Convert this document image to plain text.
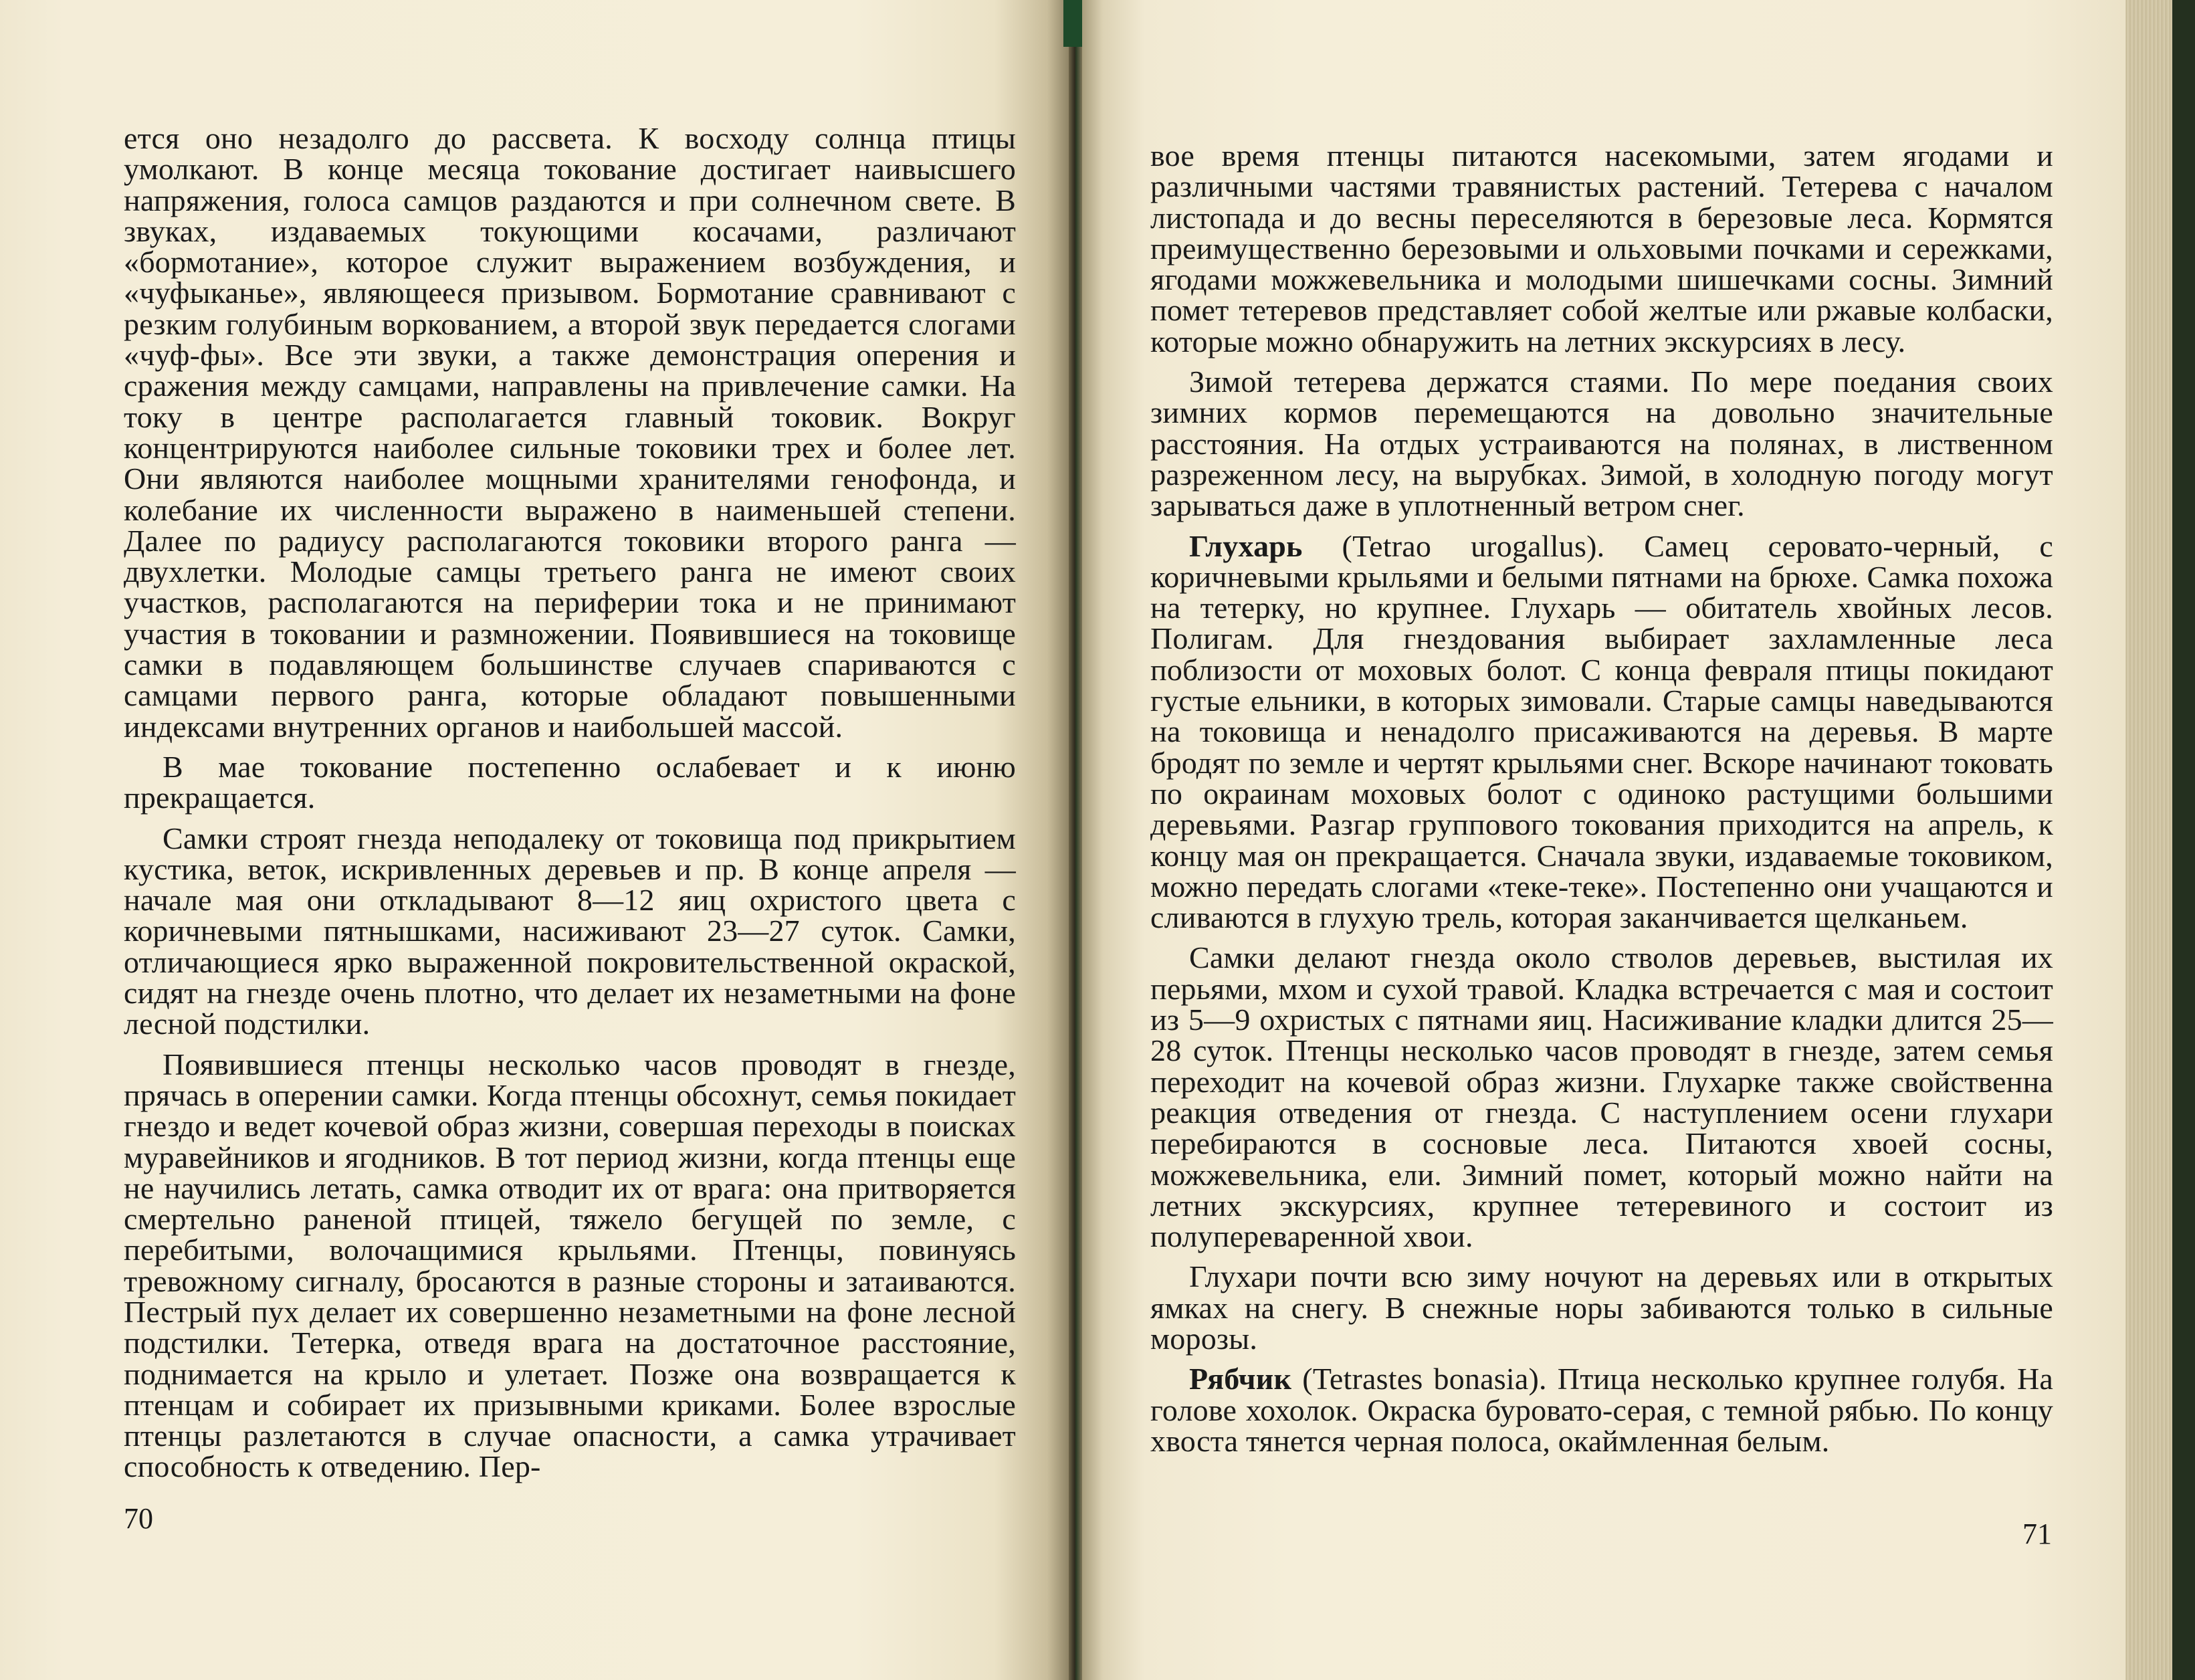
ется оно незадолго до рассвета. К восходу солнца птицы умолкают. В конце месяца токование достигает наивысшего напряжения, голоса самцов раздаются и при солнечном свете. В звуках, издаваемых токующими косачами, различают «бормотание», которое служит выражением возбуждения, и «чуфыканье», являющееся призывом. Бормотание сравнивают с резким голубиным воркованием, а второй звук передается слогами «чуф-фы». Все эти звуки, а также демонстрация оперения и сражения между самцами, направлены на привлечение самки. На току в центре располагается главный токовик. Вокруг концентрируются наиболее сильные токовики трех и более лет. Они являются наиболее мощными хранителями генофонда, и колебание их численности выражено в наименьшей степени. Далее по радиусу располагаются токовики второго ранга — двухлетки. Молодые самцы третьего ранга не имеют своих участков, располагаются на периферии тока и не принимают участия в токовании и размножении. Появившиеся на токовище самки в подавляющем большинстве случаев спариваются с самцами первого ранга, которые обладают повышенными индексами внутренних органов и наибольшей массой.

В мае токование постепенно ослабевает и к июню прекращается.

Самки строят гнезда неподалеку от токовища под прикрытием кустика, веток, искривленных деревьев и пр. В конце апреля — начале мая они откладывают 8—12 яиц охристого цвета с коричневыми пятнышками, насиживают 23—27 суток. Самки, отличающиеся ярко выраженной покровительственной окраской, сидят на гнезде очень плотно, что делает их незаметными на фоне лесной подстилки.

Появившиеся птенцы несколько часов проводят в гнезде, прячась в оперении самки. Когда птенцы обсохнут, семья покидает гнездо и ведет кочевой образ жизни, совершая переходы в поисках муравейников и ягодников. В тот период жизни, когда птенцы еще не научились летать, самка отводит их от врага: она притворяется смертельно раненой птицей, тяжело бегущей по земле, с перебитыми, волочащимися крыльями. Птенцы, повинуясь тревожному сигналу, бросаются в разные стороны и затаиваются. Пестрый пух делает их совершенно незаметными на фоне лесной подстилки. Тетерка, отведя врага на достаточное расстояние, поднимается на крыло и улетает. Позже она возвращается к птенцам и собирает их призывными криками. Более взрослые птенцы разлетаются в случае опасности, а самка утрачивает способность к отведению. Пер-

70

вое время птенцы питаются насекомыми, затем ягодами и различными частями травянистых растений. Тетерева с началом листопада и до весны переселяются в березовые леса. Кормятся преимущественно березовыми и ольховыми почками и сережками, ягодами можжевельника и молодыми шишечками сосны. Зимний помет тетеревов представляет собой желтые или ржавые колбаски, которые можно обнаружить на летних экскурсиях в лесу.

Зимой тетерева держатся стаями. По мере поедания своих зимних кормов перемещаются на довольно значительные расстояния. На отдых устраиваются на полянах, в лиственном разреженном лесу, на вырубках. Зимой, в холодную погоду могут зарываться даже в уплотненный ветром снег.

Глухарь (Tetrao urogallus). Самец серовато-черный, с коричневыми крыльями и белыми пятнами на брюхе. Самка похожа на тетерку, но крупнее. Глухарь — обитатель хвойных лесов. Полигам. Для гнездования выбирает захламленные леса поблизости от моховых болот. С конца февраля птицы покидают густые ельники, в которых зимовали. Старые самцы наведываются на токовища и ненадолго присаживаются на деревья. В марте бродят по земле и чертят крыльями снег. Вскоре начинают токовать по окраинам моховых болот с одиноко растущими большими деревьями. Разгар группового токования приходится на апрель, к концу мая он прекращается. Сначала звуки, издаваемые токовиком, можно передать слогами «теке-теке». Постепенно они учащаются и сливаются в глухую трель, которая заканчивается щелканьем.

Самки делают гнезда около стволов деревьев, выстилая их перьями, мхом и сухой травой. Кладка встречается с мая и состоит из 5—9 охристых с пятнами яиц. Насиживание кладки длится 25—28 суток. Птенцы несколько часов проводят в гнезде, затем семья переходит на кочевой образ жизни. Глухарке также свойственна реакция отведения от гнезда. С наступлением осени глухари перебираются в сосновые леса. Питаются хвоей сосны, можжевельника, ели. Зимний помет, который можно найти на летних экскурсиях, крупнее тетеревиного и состоит из полупереваренной хвои.

Глухари почти всю зиму ночуют на деревьях или в открытых ямках на снегу. В снежные норы забиваются только в сильные морозы.

Рябчик (Tetrastes bonasia). Птица несколько крупнее голубя. На голове хохолок. Окраска буровато-серая, с темной рябью. По концу хвоста тянется черная полоса, окаймленная белым.

71
